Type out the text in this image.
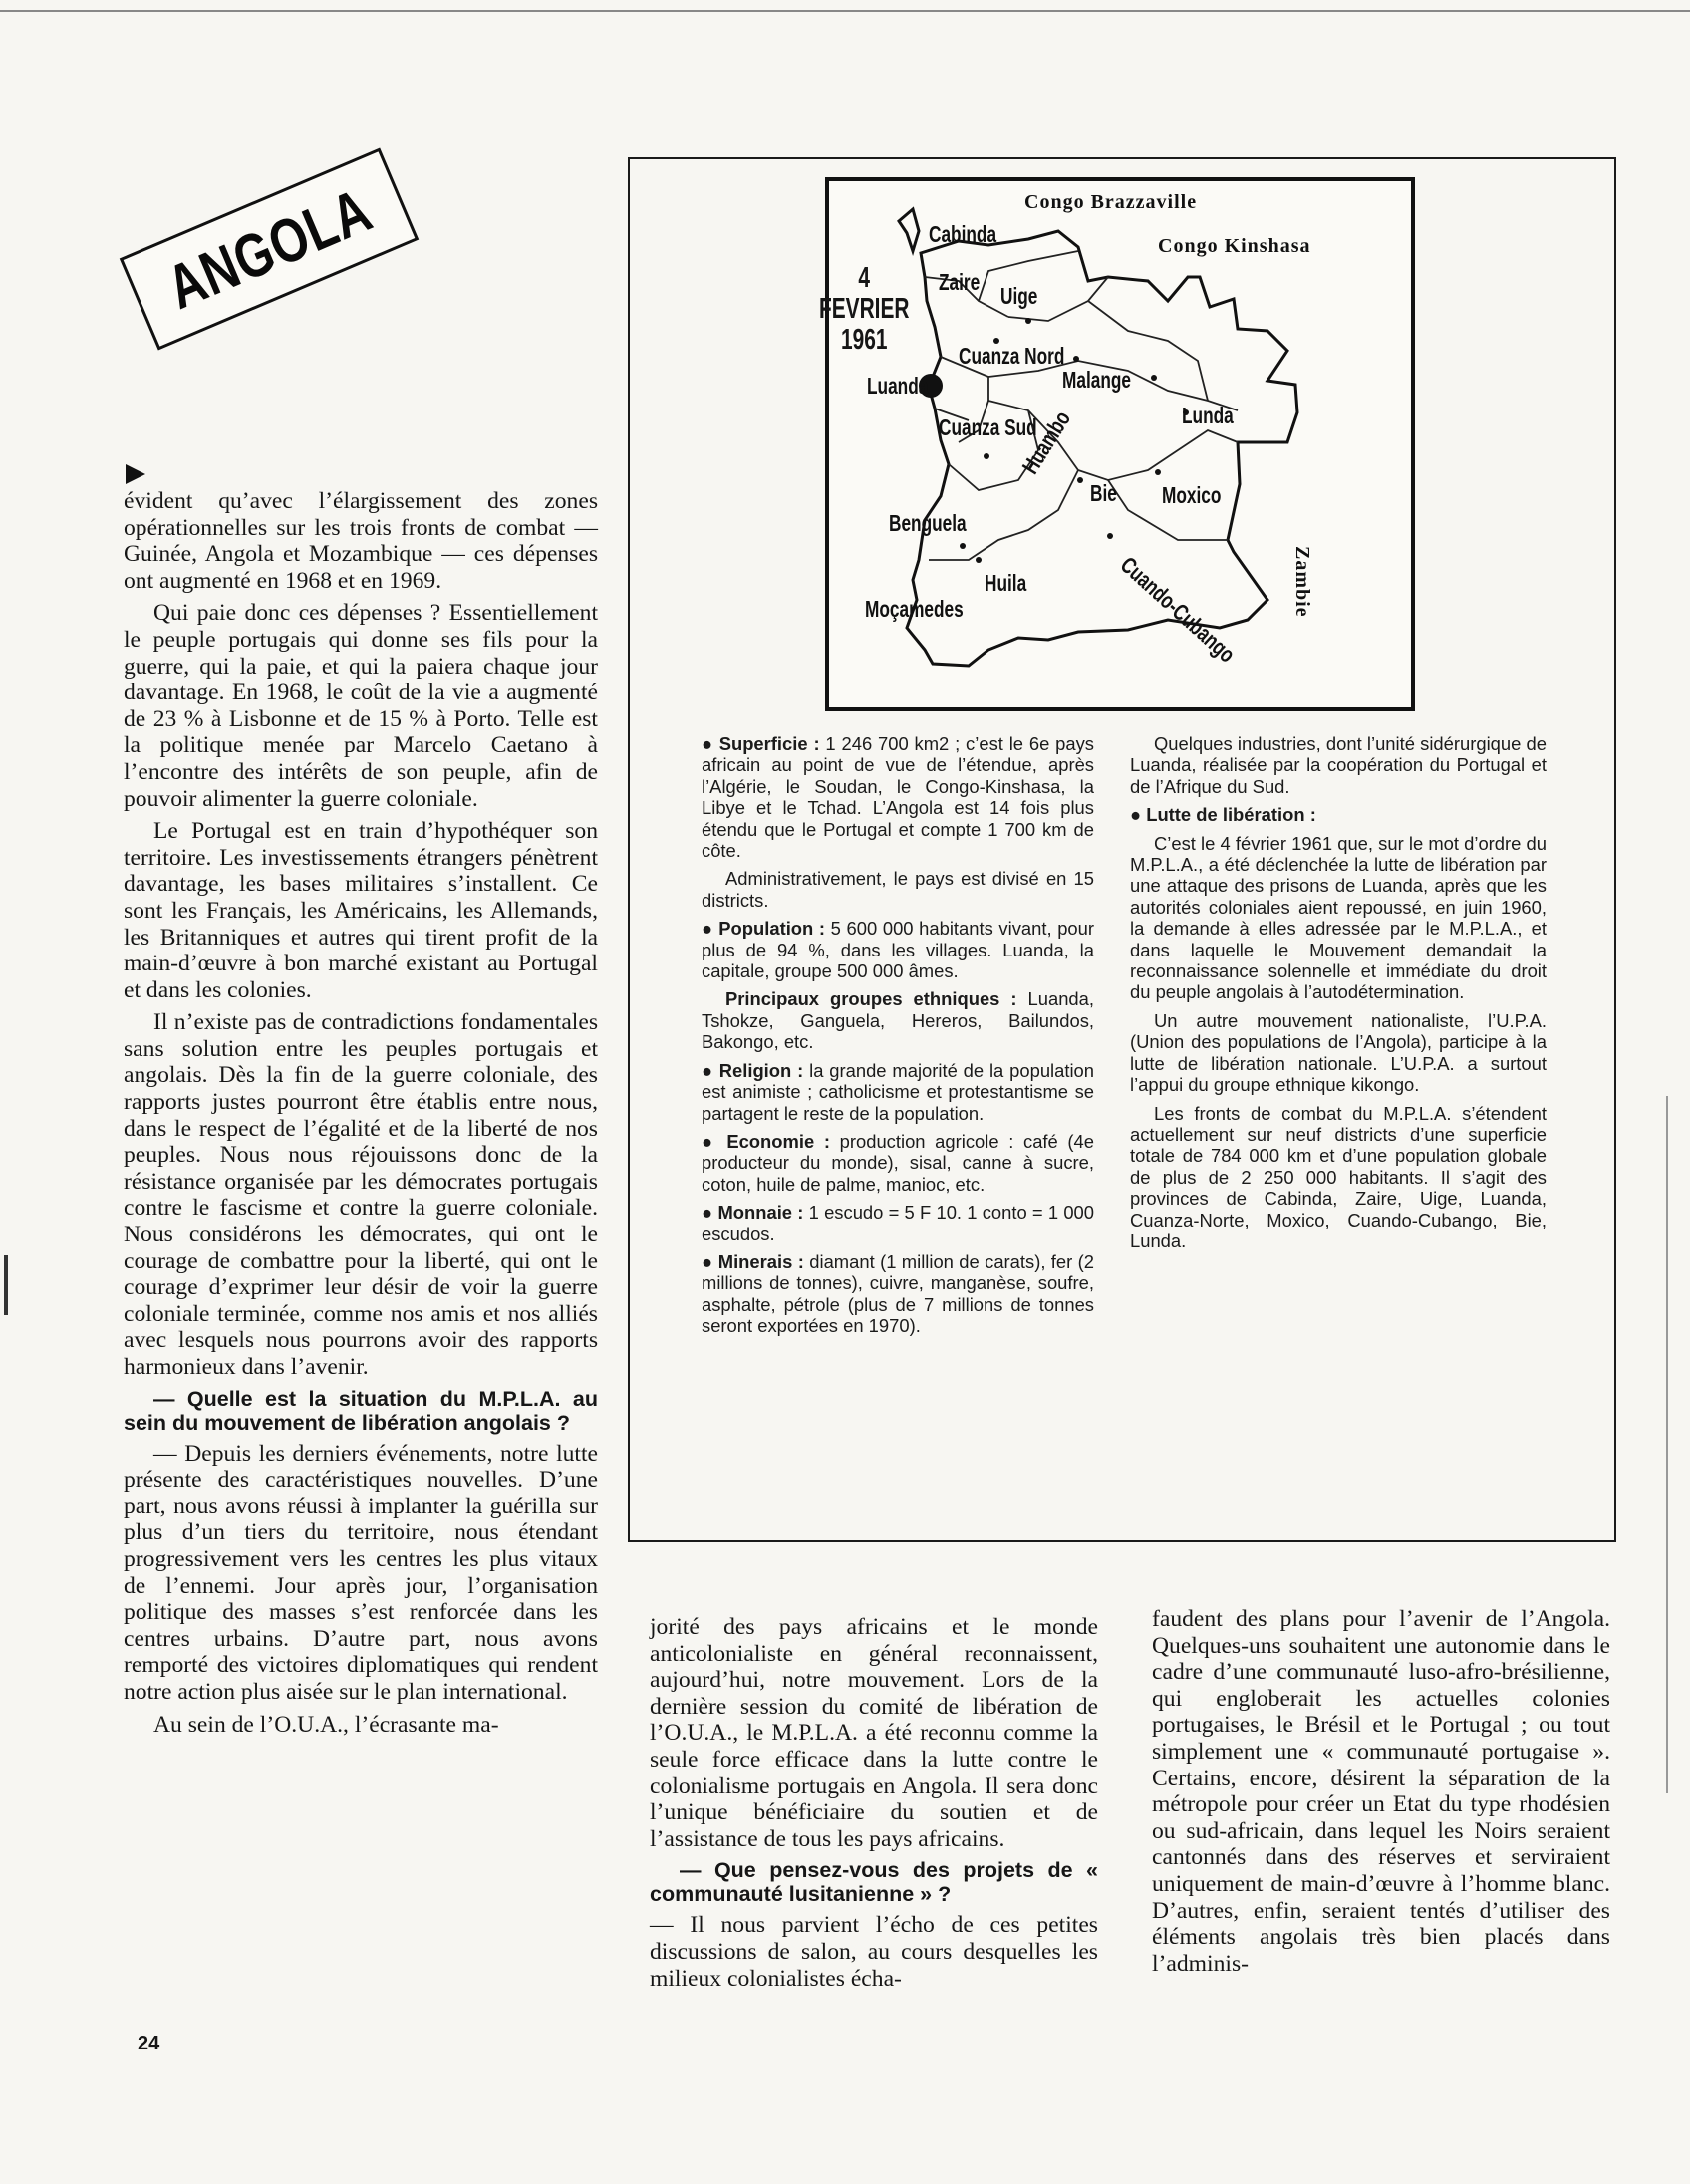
ANGOLA

évident qu’avec l’élargissement des zones opérationnelles sur les trois fronts de combat — Guinée, Angola et Mozambique — ces dépenses ont augmenté en 1968 et en 1969.

Qui paie donc ces dépenses ? Essentiellement le peuple portugais qui donne ses fils pour la guerre, qui la paie, et qui la paiera chaque jour davantage. En 1968, le coût de la vie a augmenté de 23 % à Lisbonne et de 15 % à Porto. Telle est la politique menée par Marcelo Caetano à l’encontre des intérêts de son peuple, afin de pouvoir alimenter la guerre coloniale.

Le Portugal est en train d’hypothéquer son territoire. Les investissements étrangers pénètrent davantage, les bases militaires s’installent. Ce sont les Français, les Américains, les Allemands, les Britanniques et autres qui tirent profit de la main-d’œuvre à bon marché existant au Portugal et dans les colonies.

Il n’existe pas de contradictions fondamentales sans solution entre les peuples portugais et angolais. Dès la fin de la guerre coloniale, des rapports justes pourront être établis entre nous, dans le respect de l’égalité et de la liberté de nos peuples. Nous nous réjouissons donc de la résistance organisée par les démocrates portugais contre le fascisme et contre la guerre coloniale. Nous considérons les démocrates, qui ont le courage de combattre pour la liberté, qui ont le courage d’exprimer leur désir de voir la guerre coloniale terminée, comme nos amis et nos alliés avec lesquels nous pourrons avoir des rapports harmonieux dans l’avenir.

— Quelle est la situation du M.P.L.A. au sein du mouvement de libération angolais ?

— Depuis les derniers événements, notre lutte présente des caractéristiques nouvelles. D’une part, nous avons réussi à implanter la guérilla sur plus d’un tiers du territoire, nous étendant progressivement vers les centres les plus vitaux de l’ennemi. Jour après jour, l’organisation politique des masses s’est renforcée dans les centres urbains. D’autre part, nous avons remporté des victoires diplomatiques qui rendent notre action plus aisée sur le plan international.

Au sein de l’O.U.A., l’écrasante ma-

Congo Brazzaville
Congo Kinshasa
Zambie
4
FEVRIER
1961
Cabinda
Zaire
Uige
Luanda
Cuanza Nord
Malange
Lunda
Cuanza Sud
Huambo
Bie Moxico
Benguela
Huila
Moçamedes	Cuando-Cubango

● Superficie : 1 246 700 km2 ; c’est le 6e pays africain au point de vue de l’étendue, après l’Algérie, le Soudan, le Congo-Kinshasa, la Libye et le Tchad. L’Angola est 14 fois plus étendu que le Portugal et compte 1 700 km de côte.

Administrativement, le pays est divisé en 15 districts.

● Population : 5 600 000 habitants vivant, pour plus de 94 %, dans les villages. Luanda, la capitale, groupe 500 000 âmes.

Principaux groupes ethniques : Luanda, Tshokze, Ganguela, Hereros, Bailundos, Bakongo, etc.

● Religion : la grande majorité de la population est animiste ; catholicisme et protestantisme se partagent le reste de la population.

● Economie : production agricole : café (4e producteur du monde), sisal, canne à sucre, coton, huile de palme, manioc, etc.

● Monnaie : 1 escudo = 5 F 10. 1 conto = 1 000 escudos.

● Minerais : diamant (1 million de carats), fer (2 millions de tonnes), cuivre, manganèse, soufre, asphalte, pétrole (plus de 7 millions de tonnes seront exportées en 1970).

Quelques industries, dont l’unité sidérurgique de Luanda, réalisée par la coopération du Portugal et de l’Afrique du Sud.

● Lutte de libération :

C’est le 4 février 1961 que, sur le mot d’ordre du M.P.L.A., a été déclenchée la lutte de libération par une attaque des prisons de Luanda, après que les autorités coloniales aient repoussé, en juin 1960, la demande à elles adressée par le M.P.L.A., et dans laquelle le Mouvement demandait la reconnaissance solennelle et immédiate du droit du peuple angolais à l’autodétermination.

Un autre mouvement nationaliste, l’U.P.A. (Union des populations de l’Angola), participe à la lutte de libération nationale. L’U.P.A. a surtout l’appui du groupe ethnique kikongo.

Les fronts de combat du M.P.L.A. s’étendent actuellement sur neuf districts d’une superficie totale de 784 000 km et d’une population globale de plus de 2 250 000 habitants. Il s’agit des provinces de Cabinda, Zaire, Uige, Luanda, Cuanza-Norte, Moxico, Cuando-Cubango, Bie, Lunda.

jorité des pays africains et le monde anticolonialiste en général reconnaissent, aujourd’hui, notre mouvement. Lors de la dernière session du comité de libération de l’O.U.A., le M.P.L.A. a été reconnu comme la seule force efficace dans la lutte contre le colonialisme portugais en Angola. Il sera donc l’unique bénéficiaire du soutien et de l’assistance de tous les pays africains.

— Que pensez-vous des projets de « communauté lusitanienne » ?

— Il nous parvient l’écho de ces petites discussions de salon, au cours desquelles les milieux colonialistes écha-

faudent des plans pour l’avenir de l’Angola. Quelques-uns souhaitent une autonomie dans le cadre d’une communauté luso-afro-brésilienne, qui engloberait les actuelles colonies portugaises, le Brésil et le Portugal ; ou tout simplement une « communauté portugaise ». Certains, encore, désirent la séparation de la métropole pour créer un Etat du type rhodésien ou sud-africain, dans lequel les Noirs seraient cantonnés dans des réserves et serviraient uniquement de main-d’œuvre à l’homme blanc. D’autres, enfin, seraient tentés d’utiliser des éléments angolais très bien placés dans l’adminis-

24
